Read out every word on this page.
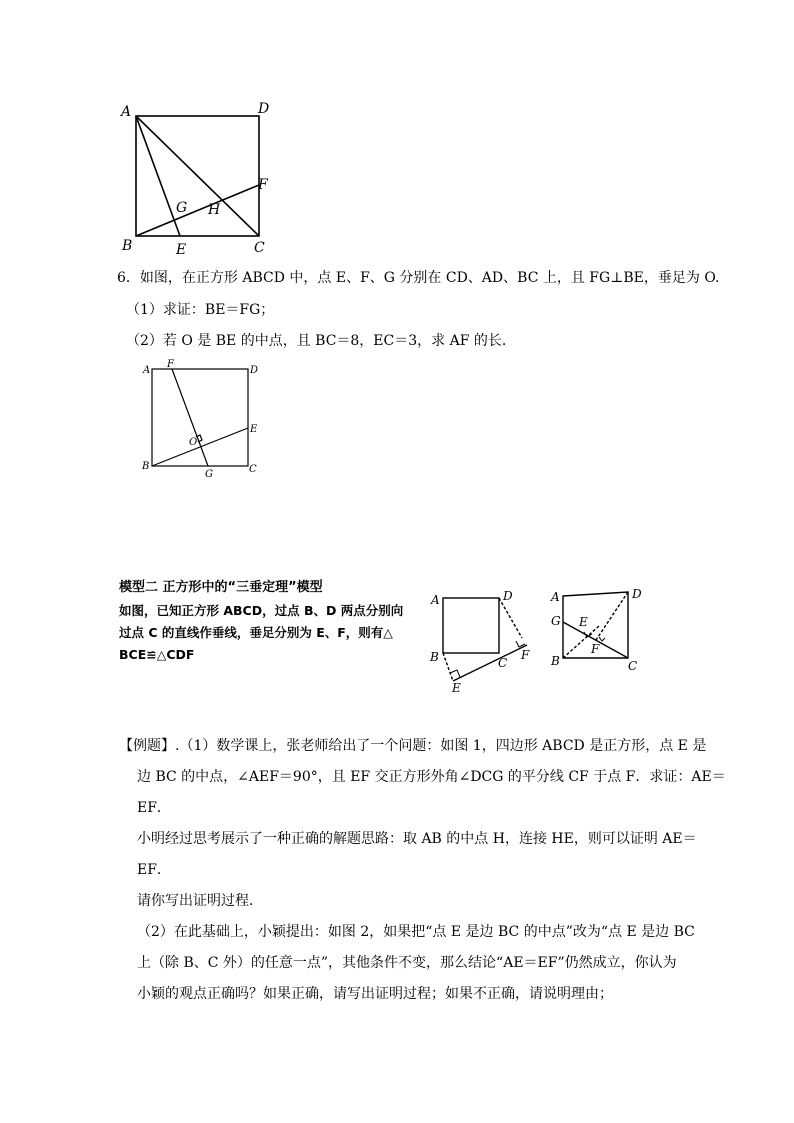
A	D
F
G H
B	E	C
6．如图，在正方形 ABCD 中，点 E、F、G 分别在 CD、AD、BC 上，且 FG⊥BE，垂足为 O.
（1）求证：BE＝FG；
（2）若 O 是 BE 的中点，且 BC＝8，EC＝3，求 AF 的长.
A
F
D
E
O
B
G	C
模型二 正方形中的“三垂定理”模型
如图，已知正方形 ABCD，过点 B、D 两点分别向
过点 C 的直线作垂线，垂足分别为 E、F，则有△
BCE≌△CDF
A	D
B	C
F
E
A	D
G E
F
B	C
【例题】.（1）数学课上，张老师给出了一个问题：如图 1，四边形 ABCD 是正方形，点 E 是
边 BC 的中点，∠AEF＝90°，且 EF 交正方形外角∠DCG 的平分线 CF 于点 F．求证：AE＝
EF．
小明经过思考展示了一种正确的解题思路：取 AB 的中点 H，连接 HE，则可以证明 AE＝
EF．
请你写出证明过程．
（2）在此基础上，小颖提出：如图 2，如果把“点 E 是边 BC 的中点”改为“点 E 是边 BC
上（除 B、C 外）的任意一点”，其他条件不变，那么结论“AE＝EF”仍然成立，你认为
小颖的观点正确吗？如果正确，请写出证明过程；如果不正确，请说明理由；
